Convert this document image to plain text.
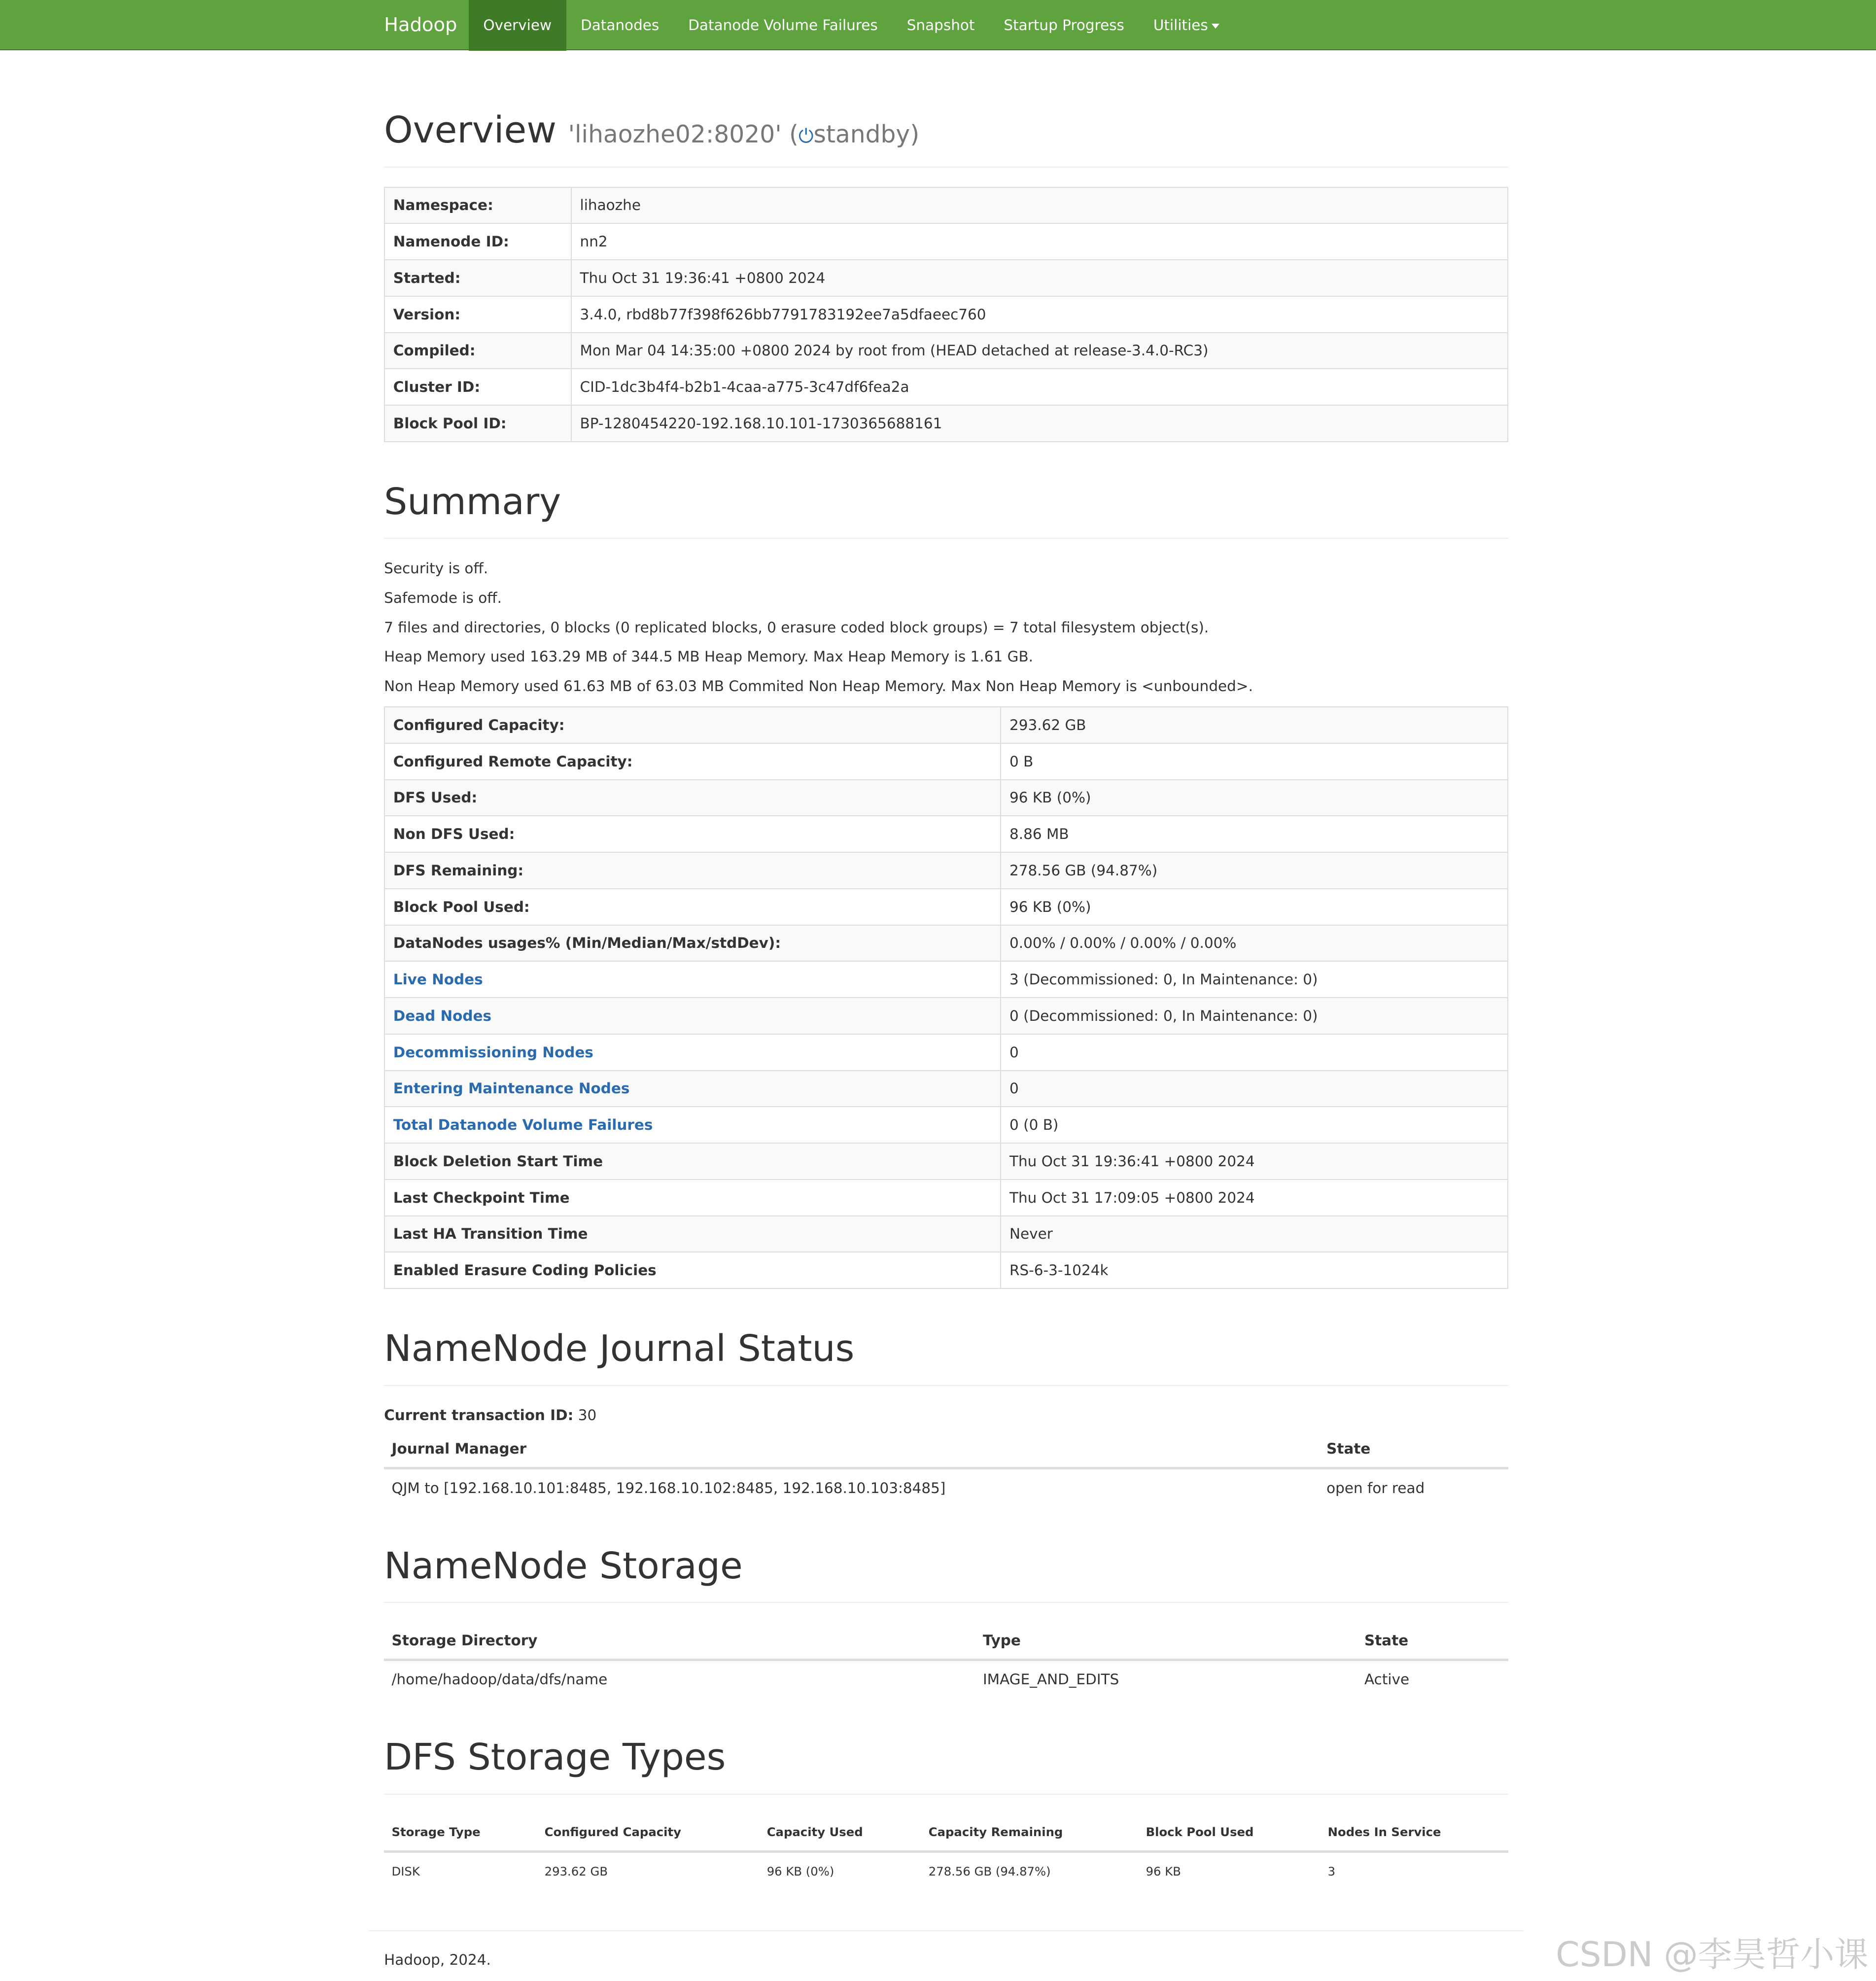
Hadoop	Overview	Datanodes	Datanode Volume Failures	Snapshot	Startup Progress	Utilities
Overview 'lihaozhe02:8020' (⏻standby)
Namespace:	lihaozhe
Namenode ID:	nn2
Started:	Thu Oct 31 19:36:41 +0800 2024
Version:	3.4.0, rbd8b77f398f626bb7791783192ee7a5dfaeec760
Compiled:	Mon Mar 04 14:35:00 +0800 2024 by root from (HEAD detached at release-3.4.0-RC3)
Cluster ID:	CID-1dc3b4f4-b2b1-4caa-a775-3c47df6fea2a
Block Pool ID:	BP-1280454220-192.168.10.101-1730365688161
Summary

Security is off.

Safemode is off.

7 files and directories, 0 blocks (0 replicated blocks, 0 erasure coded block groups) = 7 total filesystem object(s).

Heap Memory used 163.29 MB of 344.5 MB Heap Memory. Max Heap Memory is 1.61 GB.

Non Heap Memory used 61.63 MB of 63.03 MB Commited Non Heap Memory. Max Non Heap Memory is <unbounded>.

Configured Capacity:	293.62 GB
Configured Remote Capacity:	0 B
DFS Used:	96 KB (0%)
Non DFS Used:	8.86 MB
DFS Remaining:	278.56 GB (94.87%)
Block Pool Used:	96 KB (0%)
DataNodes usages% (Min/Median/Max/stdDev):	0.00% / 0.00% / 0.00% / 0.00%
Live Nodes	3 (Decommissioned: 0, In Maintenance: 0)
Dead Nodes	0 (Decommissioned: 0, In Maintenance: 0)
Decommissioning Nodes	0
Entering Maintenance Nodes	0
Total Datanode Volume Failures	0 (0 B)
Block Deletion Start Time	Thu Oct 31 19:36:41 +0800 2024
Last Checkpoint Time	Thu Oct 31 17:09:05 +0800 2024
Last HA Transition Time	Never
Enabled Erasure Coding Policies	RS-6-3-1024k
NameNode Journal Status

Current transaction ID: 30

Journal Manager	State
QJM to [192.168.10.101:8485, 192.168.10.102:8485, 192.168.10.103:8485]	open for read
NameNode Storage
Storage Directory	Type	State
/home/hadoop/data/dfs/name	IMAGE_AND_EDITS	Active
DFS Storage Types
Storage Type	Configured Capacity	Capacity Used	Capacity Remaining	Block Pool Used	Nodes In Service
DISK	293.62 GB	96 KB (0%)	278.56 GB (94.87%)	96 KB	3

Hadoop, 2024.	CSDN @李昊哲小课
